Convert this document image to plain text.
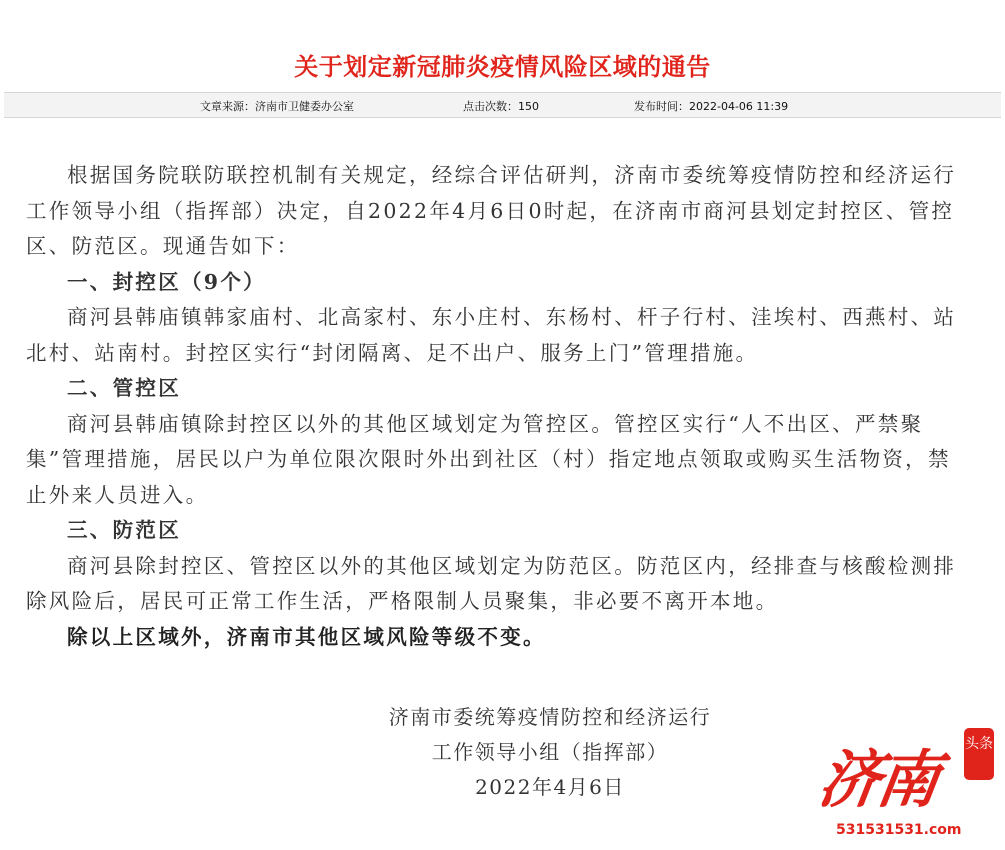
关于划定新冠肺炎疫情风险区域的通告
文章来源：济南市卫健委办公室	点击次数：150	发布时间：2022-04-06 11:39

根据国务院联防联控机制有关规定，经综合评估研判，济南市委统筹疫情防控和经济运行工作领导小组（指挥部）决定，自2022年4月6日0时起，在济南市商河县划定封控区、管控区、防范区。现通告如下：

一、封控区（9个）

商河县韩庙镇韩家庙村、北高家村、东小庄村、东杨村、杆子行村、洼埃村、西燕村、站北村、站南村。封控区实行“封闭隔离、足不出户、服务上门”管理措施。

二、管控区

商河县韩庙镇除封控区以外的其他区域划定为管控区。管控区实行“人不出区、严禁聚集”管理措施，居民以户为单位限次限时外出到社区（村）指定地点领取或购买生活物资，禁止外来人员进入。

三、防范区

商河县除封控区、管控区以外的其他区域划定为防范区。防范区内，经排查与核酸检测排除风险后，居民可正常工作生活，严格限制人员聚集，非必要不离开本地。

除以上区域外，济南市其他区域风险等级不变。

济南市委统筹疫情防控和经济运行
工作领导小组（指挥部）
2022年4月6日	济南 头条
531531531.com
